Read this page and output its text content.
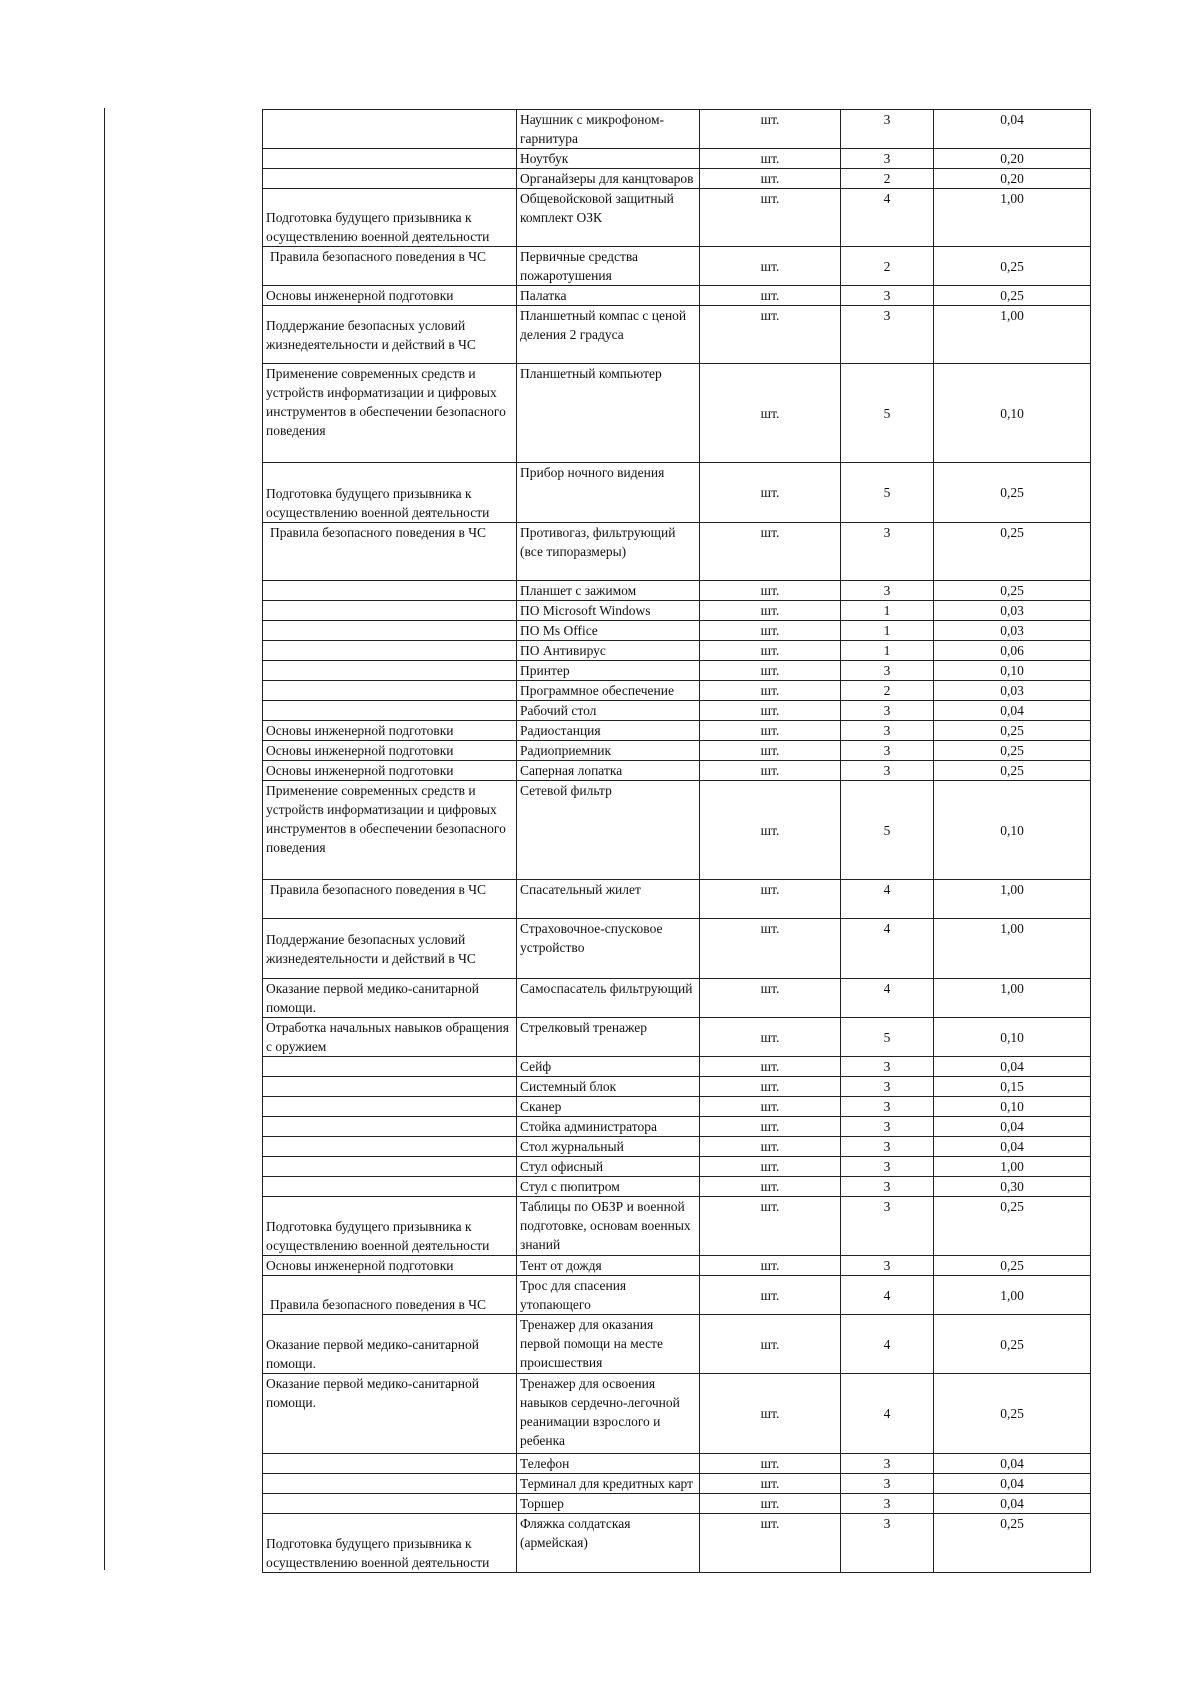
	Наушник с микрофоном-гарнитура	шт.	3	0,04
	Ноутбук	шт.	3	0,20
	Органайзеры для канцтоваров	шт.	2	0,20
Подготовка будущего призывника к осуществлению военной деятельности	Общевойсковой защитный комплект ОЗК	шт.	4	1,00
Правила безопасного поведения в ЧС	Первичные средства пожаротушения	шт.	2	0,25
Основы инженерной подготовки	Палатка	шт.	3	0,25
Поддержание безопасных условий жизнедеятельности и действий в ЧС	Планшетный компас с ценой деления 2 градуса	шт.	3	1,00
Применение современных средств и устройств информатизации и цифровых инструментов в обеспечении безопасного поведения	Планшетный компьютер	шт.	5	0,10
Подготовка будущего призывника к осуществлению военной деятельности	Прибор ночного видения	шт.	5	0,25
Правила безопасного поведения в ЧС	Противогаз, фильтрующий (все типоразмеры)	шт.	3	0,25
	Планшет с зажимом	шт.	3	0,25
	ПО Microsoft Windows	шт.	1	0,03
	ПО Ms Office	шт.	1	0,03
	ПО Антивирус	шт.	1	0,06
	Принтер	шт.	3	0,10
	Программное обеспечение	шт.	2	0,03
	Рабочий стол	шт.	3	0,04
Основы инженерной подготовки	Радиостанция	шт.	3	0,25
Основы инженерной подготовки	Радиоприемник	шт.	3	0,25
Основы инженерной подготовки	Саперная лопатка	шт.	3	0,25
Применение современных средств и устройств информатизации и цифровых инструментов в обеспечении безопасного поведения	Сетевой фильтр	шт.	5	0,10
Правила безопасного поведения в ЧС	Спасательный жилет	шт.	4	1,00
Поддержание безопасных условий жизнедеятельности и действий в ЧС	Страховочное-спусковое устройство	шт.	4	1,00
Оказание первой медико-санитарной помощи.	Самоспасатель фильтрующий	шт.	4	1,00
Отработка начальных навыков обращения с оружием	Стрелковый тренажер	шт.	5	0,10
	Сейф	шт.	3	0,04
	Системный блок	шт.	3	0,15
	Сканер	шт.	3	0,10
	Стойка администратора	шт.	3	0,04
	Стол журнальный	шт.	3	0,04
	Стул офисный	шт.	3	1,00
	Стул с пюпитром	шт.	3	0,30
Подготовка будущего призывника к осуществлению военной деятельности	Таблицы по ОБЗР и военной подготовке, основам военных знаний	шт.	3	0,25
Основы инженерной подготовки	Тент от дождя	шт.	3	0,25
Правила безопасного поведения в ЧС	Трос для спасения утопающего	шт.	4	1,00
Оказание первой медико-санитарной помощи.	Тренажер для оказания первой помощи на месте происшествия	шт.	4	0,25
Оказание первой медико-санитарной помощи.	Тренажер для освоения навыков сердечно-легочной реанимации взрослого и ребенка	шт.	4	0,25
	Телефон	шт.	3	0,04
	Терминал для кредитных карт	шт.	3	0,04
	Торшер	шт.	3	0,04
Подготовка будущего призывника к осуществлению военной деятельности	Фляжка солдатская (армейская)	шт.	3	0,25
